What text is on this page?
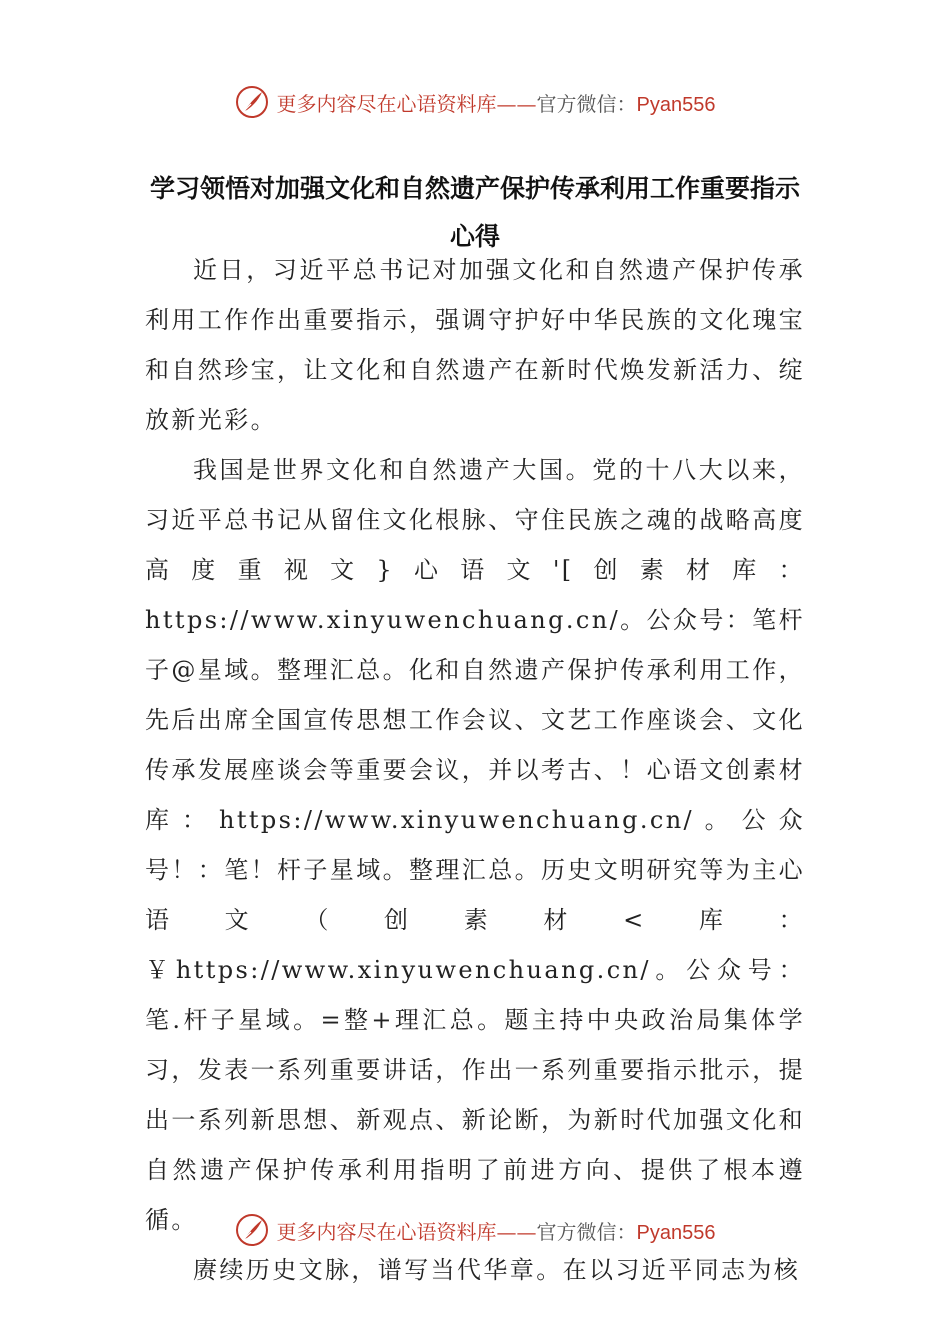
更多内容尽在心语资料库——官方微信：Pyan556
学习领悟对加强文化和自然遗产保护传承利用工作重要指示心得

近日，习近平总书记对加强文化和自然遗产保护传承利用工作作出重要指示，强调守护好中华民族的文化瑰宝和自然珍宝，让文化和自然遗产在新时代焕发新活力、绽放新光彩。

我国是世界文化和自然遗产大国。党的十八大以来，习近平总书记从留住文化根脉、守住民族之魂的战略高度高度重视文}心语文'[创素材库：https://www.xinyuwenchuang.cn/。公众号：笔杆子@星域。整理汇总。化和自然遗产保护传承利用工作，先后出席全国宣传思想工作会议、文艺工作座谈会、文化传承发展座谈会等重要会议，并以考古、！心语文创素材库：https://www.xinyuwenchuang.cn/。公众号！：笔！杆子星域。整理汇总。历史文明研究等为主心语文（创素材<库：￥https://www.xinyuwenchuang.cn/。公众号：笔.杆子星域。=整+理汇总。题主持中央政治局集体学习，发表一系列重要讲话，作出一系列重要指示批示，提出一系列新思想、新观点、新论断，为新时代加强文化和自然遗产保护传承利用指明了前进方向、提供了根本遵循。

赓续历史文脉，谱写当代华章。在以习近平同志为核

更多内容尽在心语资料库——官方微信：Pyan556
